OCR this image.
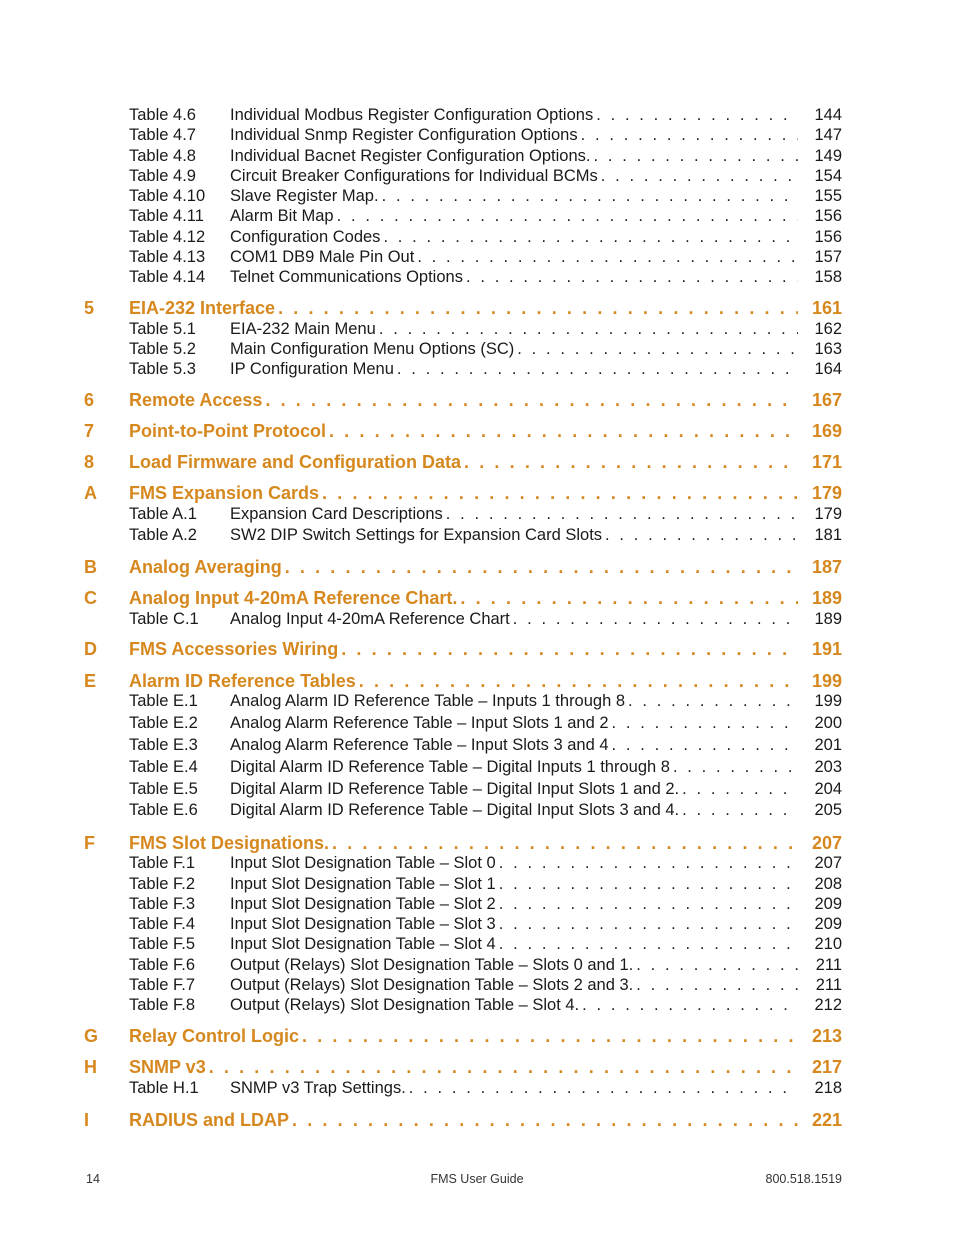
Table 4.6 Individual Modbus Register Configuration Options . . .	144
Table 4.7 Individual Snmp Register Configuration Options . . .	147
Table 4.8 Individual Bacnet Register Configuration Options. . . .	149
Table 4.9 Circuit Breaker Configurations for Individual BCMs . . .	154
Table 4.10 Slave Register Map. . . .	155
Table 4.11 Alarm Bit Map . . .	156
Table 4.12 Configuration Codes . . .	156
Table 4.13 COM1 DB9 Male Pin Out . . .	157
Table 4.14 Telnet Communications Options . . .	158
5	EIA-232 Interface . . .	161
Table 5.1 EIA-232 Main Menu . . .	162
Table 5.2 Main Configuration Menu Options (SC) . . .	163
Table 5.3 IP Configuration Menu . . .	164
6	Remote Access . . .	167
7	Point-to-Point Protocol . . .	169
8	Load Firmware and Configuration Data . . .	171
A	FMS Expansion Cards . . .	179
Table A.1 Expansion Card Descriptions . . .	179
Table A.2 SW2 DIP Switch Settings for Expansion Card Slots . . .	181
B	Analog Averaging . . .	187
C	Analog Input 4-20mA Reference Chart. . . .	189
Table C.1 Analog Input 4-20mA Reference Chart . . .	189
D	FMS Accessories Wiring . . .	191
E	Alarm ID Reference Tables . . .	199
Table E.1 Analog Alarm ID Reference Table – Inputs 1 through 8 . . .	199
Table E.2 Analog Alarm Reference Table – Input Slots 1 and 2 . . .	200
Table E.3 Analog Alarm Reference Table – Input Slots 3 and 4 . . .	201
Table E.4 Digital Alarm ID Reference Table – Digital Inputs 1 through 8 . . .	203
Table E.5 Digital Alarm ID Reference Table – Digital Input Slots 1 and 2. . . .	204
Table E.6 Digital Alarm ID Reference Table – Digital Input Slots 3 and 4. . . .	205
F	FMS Slot Designations. . . .	207
Table F.1 Input Slot Designation Table – Slot 0 . . .	207
Table F.2 Input Slot Designation Table – Slot 1 . . .	208
Table F.3 Input Slot Designation Table – Slot 2 . . .	209
Table F.4 Input Slot Designation Table – Slot 3 . . .	209
Table F.5 Input Slot Designation Table – Slot 4 . . .	210
Table F.6 Output (Relays) Slot Designation Table – Slots 0 and 1. . . .	211
Table F.7 Output (Relays) Slot Designation Table – Slots 2 and 3. . . .	211
Table F.8 Output (Relays) Slot Designation Table – Slot 4. . . .	212
G	Relay Control Logic . . .	213
H	SNMP v3 . . .	217
Table H.1 SNMP v3 Trap Settings. . . .	218
I	RADIUS and LDAP . . .	221
14	FMS User Guide	800.518.1519
